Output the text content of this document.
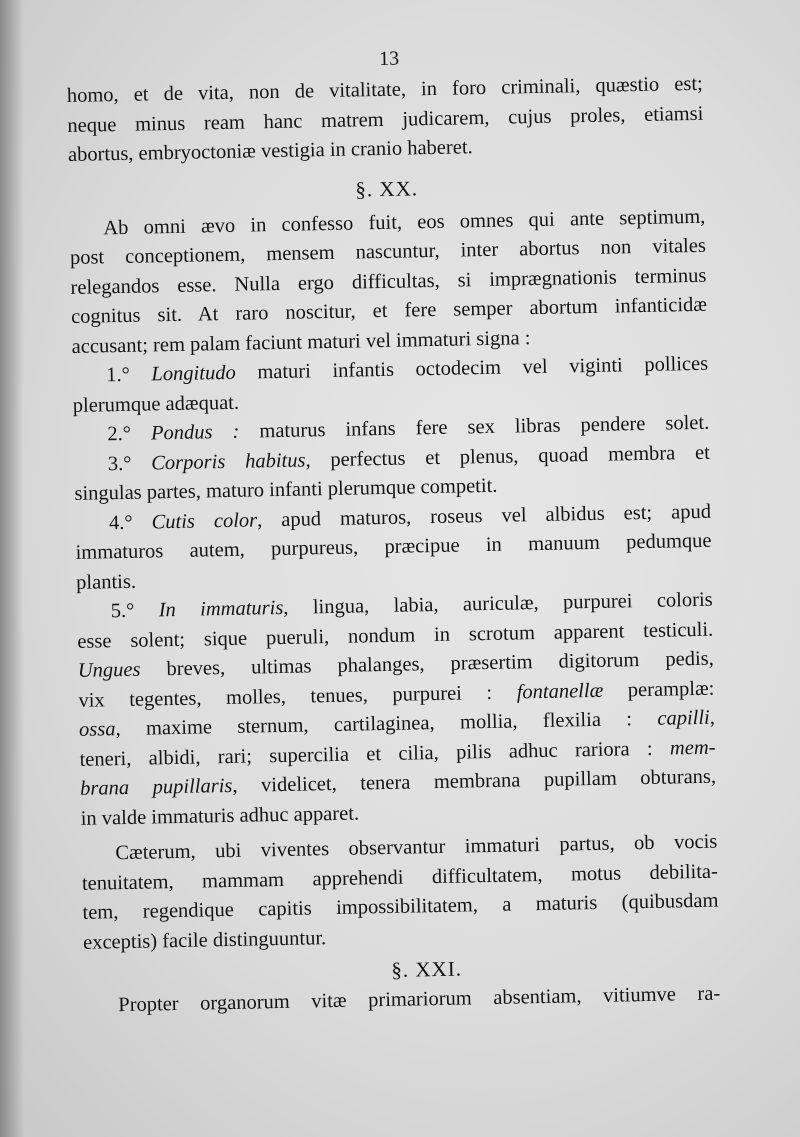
13

homo, et de vita, non de vitalitate, in foro criminali, quæstio est;

neque minus ream hanc matrem judicarem, cujus proles, etiamsi

abortus, embryoctoniæ vestigia in cranio haberet.

§. XX.

Ab omni ævo in confesso fuit, eos omnes qui ante septimum,

post conceptionem, mensem nascuntur, inter abortus non vitales

relegandos esse. Nulla ergo difficultas, si imprægnationis terminus

cognitus sit. At raro noscitur, et fere semper abortum infanticidæ

accusant; rem palam faciunt maturi vel immaturi signa :

1.° Longitudo maturi infantis octodecim vel viginti pollices

plerumque adæquat.

2.° Pondus : maturus infans fere sex libras pendere solet.

3.° Corporis habitus, perfectus et plenus, quoad membra et

singulas partes, maturo infanti plerumque competit.

4.° Cutis color, apud maturos, roseus vel albidus est; apud

immaturos autem, purpureus, præcipue in manuum pedumque

plantis.

5.° In immaturis, lingua, labia, auriculæ, purpurei coloris

esse solent; sique pueruli, nondum in scrotum apparent testiculi.

Ungues breves, ultimas phalanges, præsertim digitorum pedis,

vix tegentes, molles, tenues, purpurei : fontanellæ peramplæ:

ossa, maxime sternum, cartilaginea, mollia, flexilia : capilli,

teneri, albidi, rari; supercilia et cilia, pilis adhuc rariora : mem-

brana pupillaris, videlicet, tenera membrana pupillam obturans,

in valde immaturis adhuc apparet.

Cæterum, ubi viventes observantur immaturi partus, ob vocis

tenuitatem, mammam apprehendi difficultatem, motus debilita-

tem, regendique capitis impossibilitatem, a maturis (quibusdam

exceptis) facile distinguuntur.

§. XXI.

Propter organorum vitæ primariorum absentiam, vitiumve ra-
